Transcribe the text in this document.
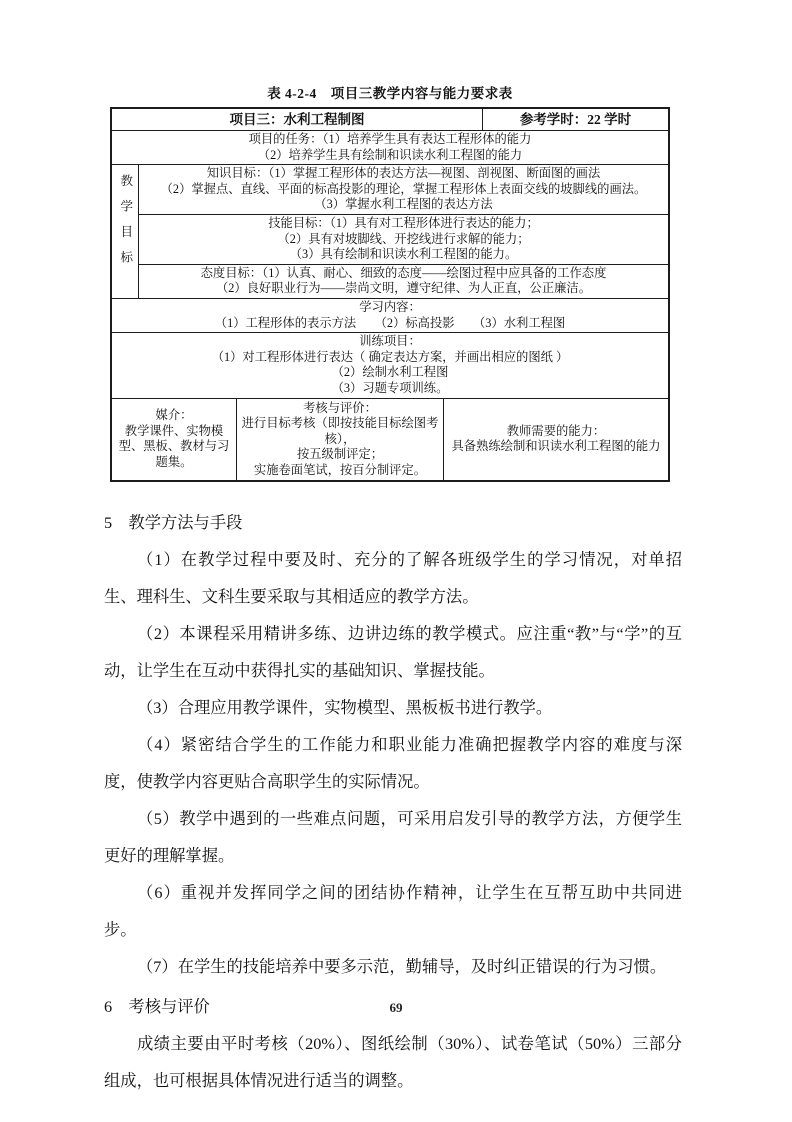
表 4-2-4　项目三教学内容与能力要求表
项目三：水利工程制图	参考学时：22 学时
项目的任务：（1）培养学生具有表达工程形体的能力
（2）培养学生具有绘制和识读水利工程图的能力
教学目标
知识目标：（1）掌握工程形体的表达方法—视图、剖视图、断面图的画法
（2）掌握点、直线、平面的标高投影的理论，掌握工程形体上表面交线的坡脚线的画法。
（3）掌握水利工程图的表达方法
技能目标：（1）具有对工程形体进行表达的能力；
（2）具有对坡脚线、开挖线进行求解的能力；
（3）具有绘制和识读水利工程图的能力。
态度目标：（1）认真、耐心、细致的态度——绘图过程中应具备的工作态度
（2）良好职业行为——崇尚文明，遵守纪律、为人正直，公正廉洁。
学习内容：
（1）工程形体的表示方法　　（2）标高投影　　（3）水利工程图
训练项目：
（1）对工程形体进行表达（ 确定表达方案，并画出相应的图纸 ）
（2）绘制水利工程图
（3）习题专项训练。
媒介：
教学课件、实物模型、黑板、教材与习题集。
考核与评价：
进行目标考核（即按技能目标绘图考核），
按五级制评定；
实施卷面笔试，按百分制评定。
教师需要的能力：
具备熟练绘制和识读水利工程图的能力

5　教学方法与手段

（1）在教学过程中要及时、充分的了解各班级学生的学习情况，对单招生、理科生、文科生要采取与其相适应的教学方法。

（2）本课程采用精讲多练、边讲边练的教学模式。应注重“教”与“学”的互动，让学生在互动中获得扎实的基础知识、掌握技能。

（3）合理应用教学课件，实物模型、黑板板书进行教学。

（4）紧密结合学生的工作能力和职业能力准确把握教学内容的难度与深度，使教学内容更贴合高职学生的实际情况。

（5）教学中遇到的一些难点问题，可采用启发引导的教学方法，方便学生更好的理解掌握。

（6）重视并发挥同学之间的团结协作精神，让学生在互帮互助中共同进步。

（7）在学生的技能培养中要多示范，勤辅导，及时纠正错误的行为习惯。

6　考核与评价

成绩主要由平时考核（20%）、图纸绘制（30%）、试卷笔试（50%）三部分组成，也可根据具体情况进行适当的调整。

69
